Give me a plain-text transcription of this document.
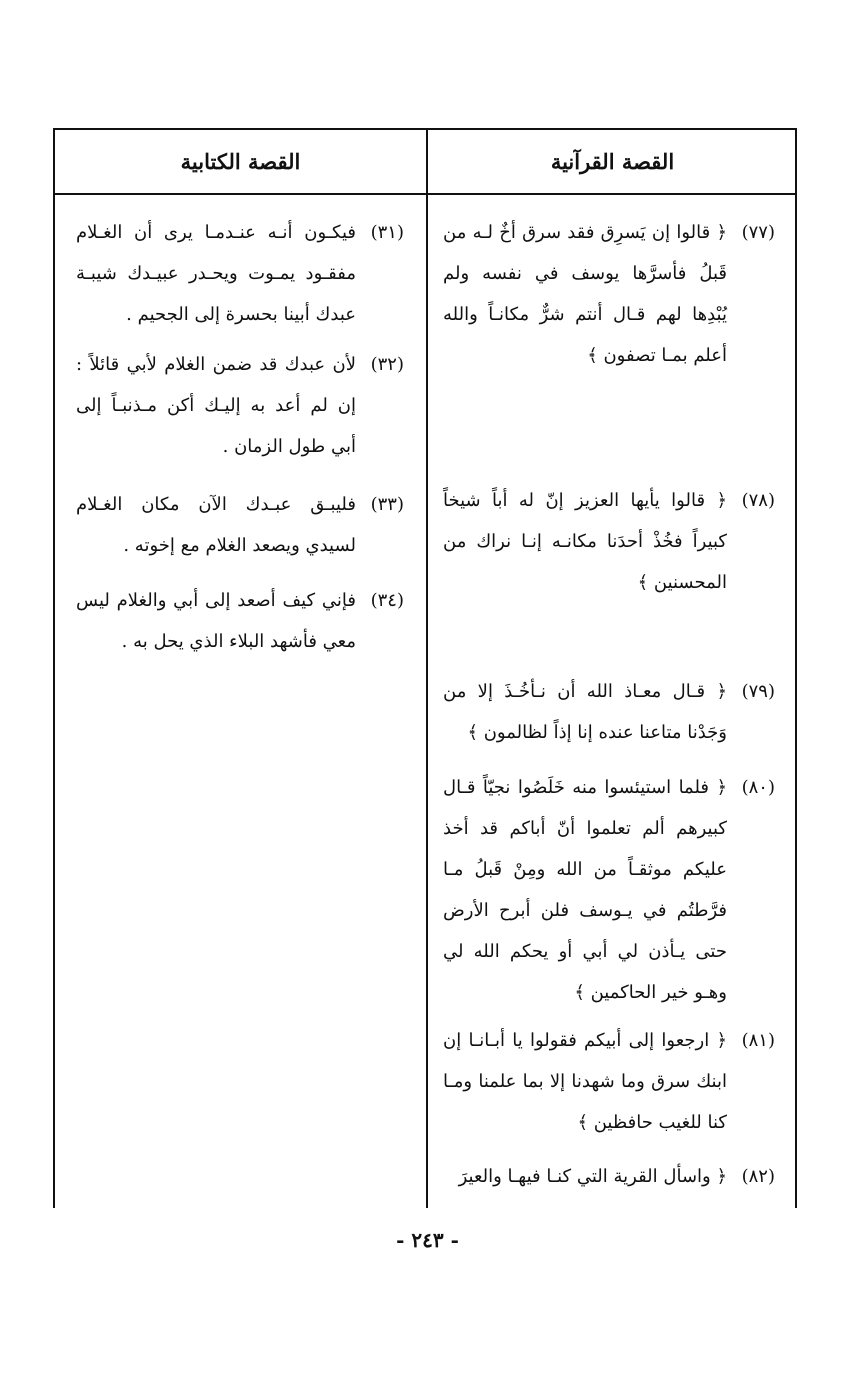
القصة القرآنية
القصة الكتابية
(٧٧)
﴿ قالوا إن يَسرِق فقد سرق أخٌ لـه من قَبلُ فأسرَّها يوسف في نفسه ولم يُبْدِها لهم قـال أنتم شرٌّ مكانـاً والله أعلم بمـا تصفون ﴾
(٧٨)
﴿ قالوا يأيها العزيز إنّ له أباً شيخاً كبيراً فخُذْ أحدَنا مكانـه إنـا نراك من المحسنين ﴾
(٧٩)
﴿ قـال معـاذ الله أن نـأخُـذَ إلا من وَجَدْنا متاعنا عنده إنا إذاً لظالمون ﴾
(٨٠)
﴿ فلما استيئسوا منه خَلَصُوا نجيّاً قـال كبيرهم ألم تعلموا أنّ أباكم قد أخذ عليكم موثقـاً من الله ومِنْ قَبلُ مـا فرَّطتُم في يـوسف فلن أبرح الأرض حتى يـأذن لي أبي أو يحكم الله لي وهـو خير الحاكمين ﴾
(٨١)
﴿ ارجعوا إلى أبيكم فقولوا يا أبـانـا إن ابنك سرق وما شهدنا إلا بما علمنا ومـا كنا للغيب حافظين ﴾
(٨٢)
﴿ واسأل القرية التي كنـا فيهـا والعيرَ
(٣١)
فيكـون أنـه عنـدمـا يرى أن الغـلام مفقـود يمـوت ويحـدر عبيـدك شيبـة عبدك أبينا بحسرة إلى الجحيم .
(٣٢)
لأن عبدك قد ضمن الغلام لأبي قائلاً : إن لم أعد به إليـك أكن مـذنبـاً إلى أبي طول الزمان .
(٣٣)
فليبـق عبـدك الآن مكان الغـلام لسيدي ويصعد الغلام مع إخوته .
(٣٤)
فإني كيف أصعد إلى أبي والغلام ليس معي فأشهد البلاء الذي يحل به .
- ٢٤٣ -
